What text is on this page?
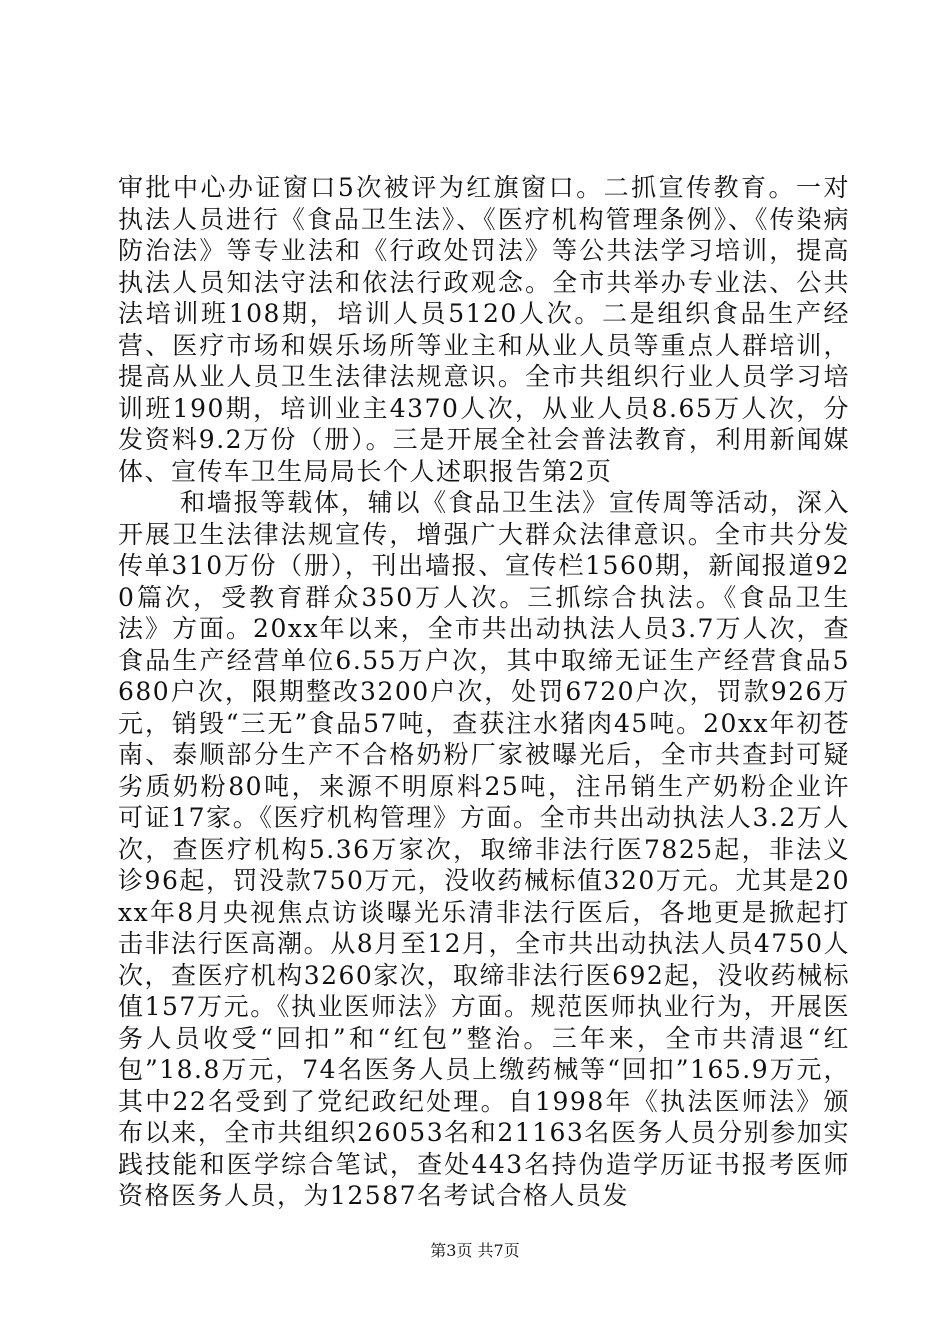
审批中心办证窗口5次被评为红旗窗口。二抓宣传教育。一对执法人员进行《食品卫生法》、《医疗机构管理条例》、《传染病防治法》等专业法和《行政处罚法》等公共法学习培训，提高执法人员知法守法和依法行政观念。全市共举办专业法、公共法培训班108期，培训人员5120人次。二是组织食品生产经营、医疗市场和娱乐场所等业主和从业人员等重点人群培训，提高从业人员卫生法律法规意识。全市共组织行业人员学习培训班190期，培训业主4370人次，从业人员8.65万人次，分发资料9.2万份（册）。三是开展全社会普法教育，利用新闻媒体、宣传车卫生局局长个人述职报告第2页

和墙报等载体，辅以《食品卫生法》宣传周等活动，深入开展卫生法律法规宣传，增强广大群众法律意识。全市共分发传单310万份（册），刊出墙报、宣传栏1560期，新闻报道920篇次，受教育群众350万人次。三抓综合执法。《食品卫生法》方面。20xx年以来，全市共出动执法人员3.7万人次，查食品生产经营单位6.55万户次，其中取缔无证生产经营食品5680户次，限期整改3200户次，处罚6720户次，罚款926万元，销毁“三无”食品57吨，查获注水猪肉45吨。20xx年初苍南、泰顺部分生产不合格奶粉厂家被曝光后，全市共查封可疑劣质奶粉80吨，来源不明原料25吨，注吊销生产奶粉企业许可证17家。《医疗机构管理》方面。全市共出动执法人3.2万人次，查医疗机构5.36万家次，取缔非法行医7825起，非法义诊96起，罚没款750万元，没收药械标值320万元。尤其是20xx年8月央视焦点访谈曝光乐清非法行医后，各地更是掀起打击非法行医高潮。从8月至12月，全市共出动执法人员4750人次，查医疗机构3260家次，取缔非法行医692起，没收药械标值157万元。《执业医师法》方面。规范医师执业行为，开展医务人员收受“回扣”和“红包”整治。三年来，全市共清退“红包”18.8万元，74名医务人员上缴药械等“回扣”165.9万元，其中22名受到了党纪政纪处理。自1998年《执法医师法》颁布以来，全市共组织26053名和21163名医务人员分别参加实践技能和医学综合笔试，查处443名持伪造学历证书报考医师资格医务人员，为12587名考试合格人员发

第3页 共7页
